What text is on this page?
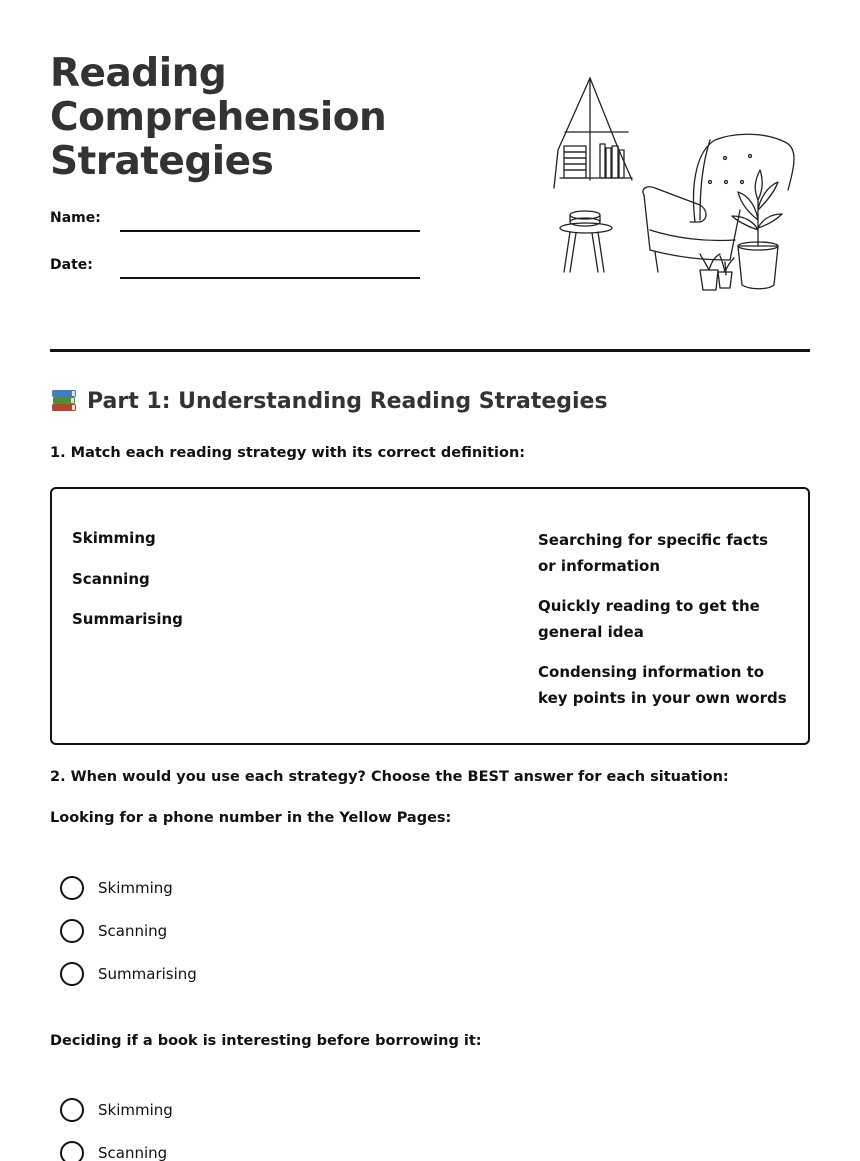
Reading
Comprehension
Strategies
Name:
Date:
Part 1: Understanding Reading Strategies
1. Match each reading strategy with its correct definition:
Skimming
Scanning
Summarising
Searching for specific facts or information
Quickly reading to get the general idea
Condensing information to key points in your own words
2. When would you use each strategy? Choose the BEST answer for each situation:
Looking for a phone number in the Yellow Pages:
Skimming
Scanning
Summarising
Deciding if a book is interesting before borrowing it:
Skimming
Scanning
